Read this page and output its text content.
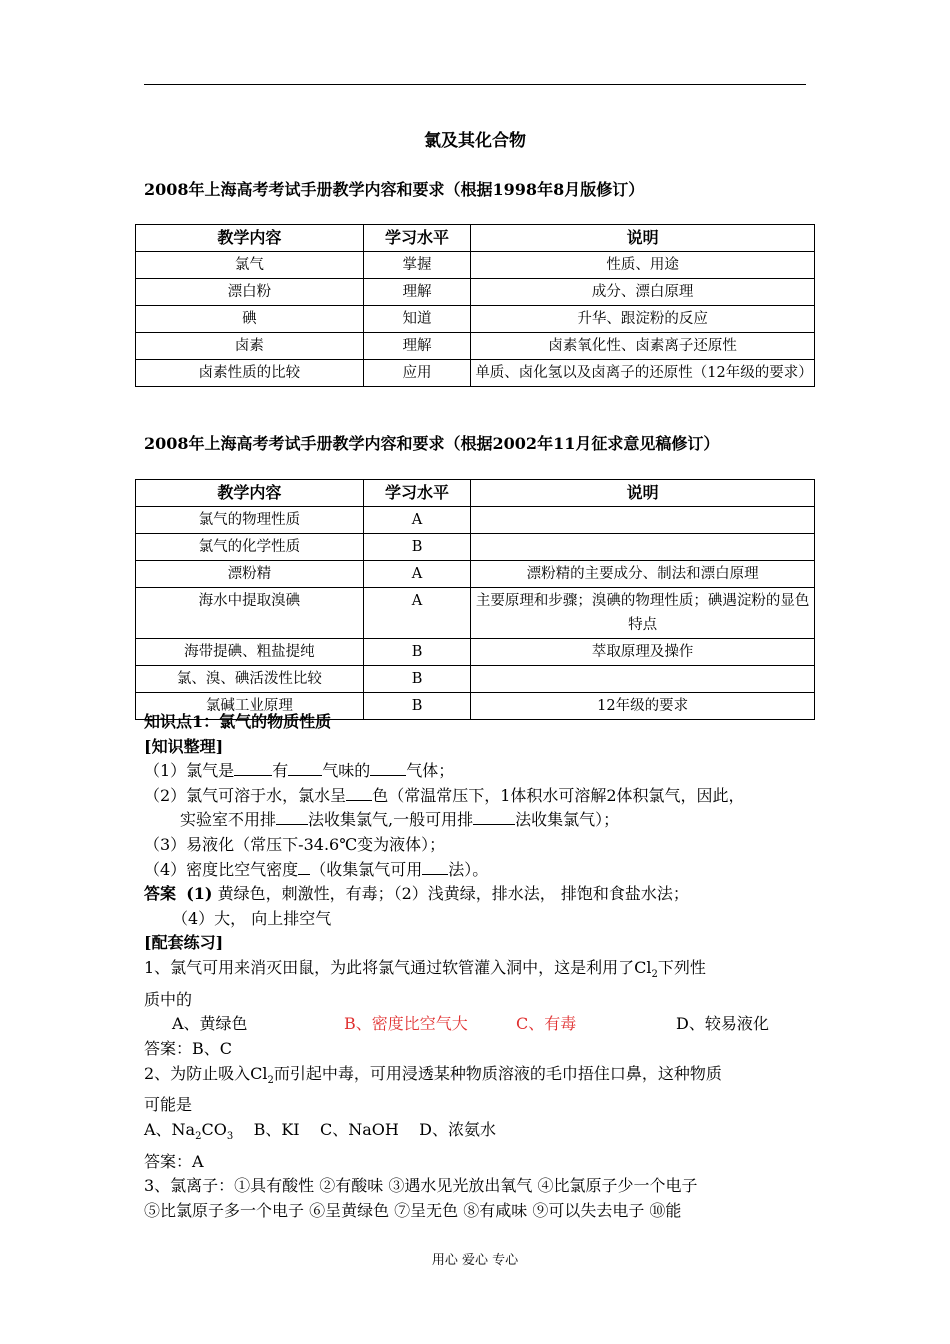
氯及其化合物
2008年上海高考考试手册教学内容和要求（根据1998年8月版修订）
教学内容	学习水平	说明
氯气	掌握	性质、用途
漂白粉	理解	成分、漂白原理
碘	知道	升华、跟淀粉的反应
卤素	理解	卤素氧化性、卤素离子还原性
卤素性质的比较	应用	单质、卤化氢以及卤离子的还原性（12年级的要求）
2008年上海高考考试手册教学内容和要求（根据2002年11月征求意见稿修订）
教学内容	学习水平	说明
氯气的物理性质	A	
氯气的化学性质	B	
漂粉精	A	漂粉精的主要成分、制法和漂白原理
海水中提取溴碘	A	主要原理和步骤；溴碘的物理性质；碘遇淀粉的显色特点
海带提碘、粗盐提纯	B	萃取原理及操作
氯、溴、碘活泼性比较	B	
氯碱工业原理	B	12年级的要求

知识点1：氯气的物质性质

[知识整理]

（1）氯气是 有 气味的 气体；

（2）氯气可溶于水，氯水呈 色（常温常压下，1体积水可溶解2体积氯气，因此，

实验室不用排 法收集氯气,一般可用排	法收集氯气）；

（3）易液化（常压下-34.6℃变为液体）；

（4）密度比空气密度 （收集氯气可用 法）。

答案 (1) 黄绿色，刺激性，有毒；（2）浅黄绿，排水法， 排饱和食盐水法；

（4）大， 向上排空气

[配套练习]

1、氯气可用来消灭田鼠，为此将氯气通过软管灌入洞中，这是利用了$Cl_2$下列性

质中的

A、黄绿色	B、密度比空气大	C、有毒	D、较易液化

答案：B、C

2、为防止吸入$Cl_2$而引起中毒，可用浸透某种物质溶液的毛巾捂住口鼻，这种物质

可能是

A、$Na_2CO_3$ B、KI C、NaOH D、浓氨水

答案：A

3、氯离子：①具有酸性 ②有酸味 ③遇水见光放出氧气 ④比氯原子少一个电子

⑤比氯原子多一个电子 ⑥呈黄绿色 ⑦呈无色 ⑧有咸味 ⑨可以失去电子 ⑩能

用心 爱心 专心
